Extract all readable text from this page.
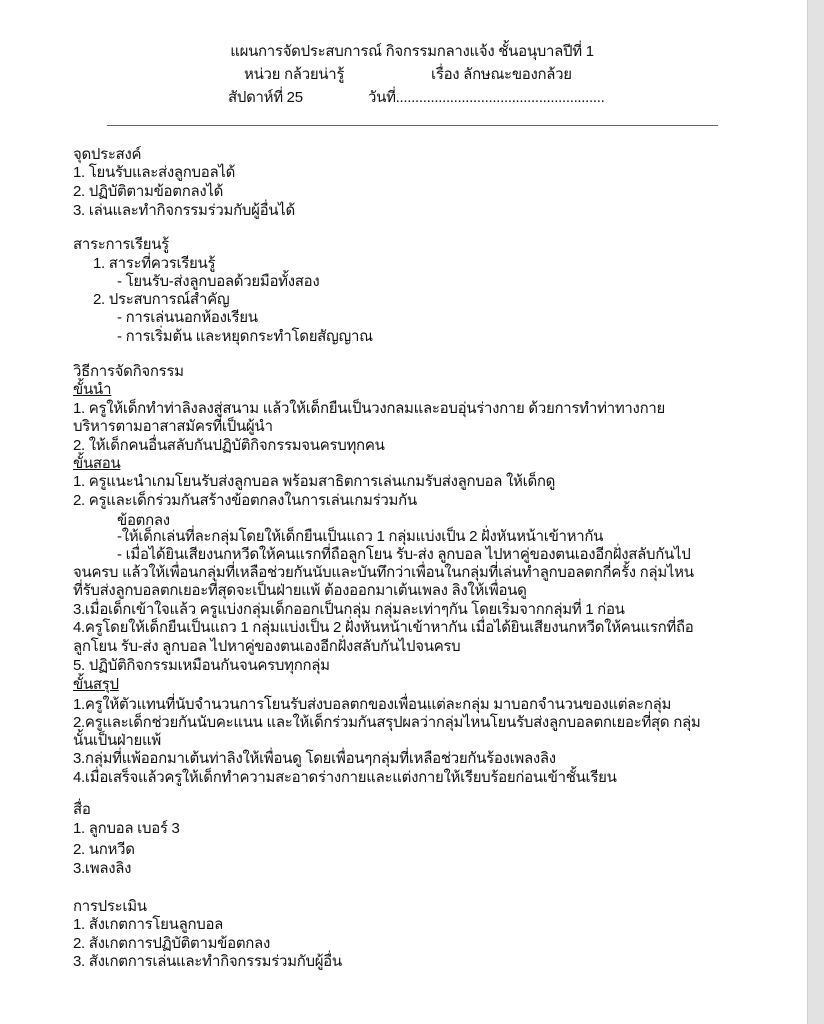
แผนการจัดประสบการณ์ กิจกรรมกลางแจ้ง ชั้นอนุบาลปีที่ 1
หน่วย กล้วยน่ารู้	เรื่อง ลักษณะของกล้วย
สัปดาห์ที่ 25	วันที่......................................................
จุดประสงค์
1. โยนรับและส่งลูกบอลได้
2. ปฏิบัติตามข้อตกลงได้
3. เล่นและทำกิจกรรมร่วมกับผู้อื่นได้
สาระการเรียนรู้
1. สาระที่ควรเรียนรู้
- โยนรับ-ส่งลูกบอลด้วยมือทั้งสอง
2. ประสบการณ์สำคัญ
- การเล่นนอกห้องเรียน
- การเริ่มต้น และหยุดกระทำโดยสัญญาณ
วิธีการจัดกิจกรรม
ขั้นนำ
1. ครูให้เด็กทำท่าลิงลงสู่สนาม แล้วให้เด็กยืนเป็นวงกลมและอบอุ่นร่างกาย ด้วยการทำท่าทางกาย
บริหารตามอาสาสมัครที่เป็นผู้นำ
2. ให้เด็กคนอื่นสลับกันปฏิบัติกิจกรรมจนครบทุกคน
ขั้นสอน
1. ครูแนะนำเกมโยนรับส่งลูกบอล พร้อมสาธิตการเล่นเกมรับส่งลูกบอล ให้เด็กดู
2. ครูและเด็กร่วมกันสร้างข้อตกลงในการเล่นเกมร่วมกัน
ข้อตกลง
-ให้เด็กเล่นที่ละกลุ่มโดยให้เด็กยืนเป็นแถว 1 กลุ่มแบ่งเป็น 2 ฝั่งหันหน้าเข้าหากัน
- เมื่อได้ยินเสียงนกหวีดให้คนแรกที่ถือลูกโยน รับ-ส่ง ลูกบอล ไปหาคู่ของตนเองอีกฝั่งสลับกันไป
จนครบ แล้วให้เพื่อนกลุ่มที่เหลือช่วยกันนับและบันทึกว่าเพื่อนในกลุ่มที่เล่นทำลูกบอลตกกี่ครั้ง กลุ่มไหน
ที่รับส่งลูกบอลตกเยอะที่สุดจะเป็นฝ่ายแพ้ ต้องออกมาเต้นเพลง ลิงให้เพื่อนดู
3.เมื่อเด็กเข้าใจแล้ว ครูแบ่งกลุ่มเด็กออกเป็นกลุ่ม กลุ่มละเท่าๆกัน โดยเริ่มจากกลุ่มที่ 1 ก่อน
4.ครูโดยให้เด็กยืนเป็นแถว 1 กลุ่มแบ่งเป็น 2 ฝั่งหันหน้าเข้าหากัน เมื่อได้ยินเสียงนกหวีดให้คนแรกที่ถือ
ลูกโยน รับ-ส่ง ลูกบอล ไปหาคู่ของตนเองอีกฝั่งสลับกันไปจนครบ
5. ปฏิบัติกิจกรรมเหมือนกันจนครบทุกกลุ่ม
ขั้นสรุป
1.ครูให้ตัวแทนที่นับจำนวนการโยนรับส่งบอลตกของเพื่อนแต่ละกลุ่ม มาบอกจำนวนของแต่ละกลุ่ม
2.ครูและเด็กช่วยกันนับคะแนน และให้เด็กร่วมกันสรุปผลว่ากลุ่มไหนโยนรับส่งลูกบอลตกเยอะที่สุด กลุ่ม
นั้นเป็นฝ่ายแพ้
3.กลุ่มที่แพ้ออกมาเต้นท่าลิงให้เพื่อนดู โดยเพื่อนๆกลุ่มที่เหลือช่วยกันร้องเพลงลิง
4.เมื่อเสร็จแล้วครูให้เด็กทำความสะอาดร่างกายและแต่งกายให้เรียบร้อยก่อนเข้าชั้นเรียน
สื่อ
1. ลูกบอล เบอร์ 3
2. นกหวีด
3.เพลงลิง
การประเมิน
1. สังเกตการโยนลูกบอล
2. สังเกตการปฏิบัติตามข้อตกลง
3. สังเกตการเล่นและทำกิจกรรมร่วมกับผู้อื่น
